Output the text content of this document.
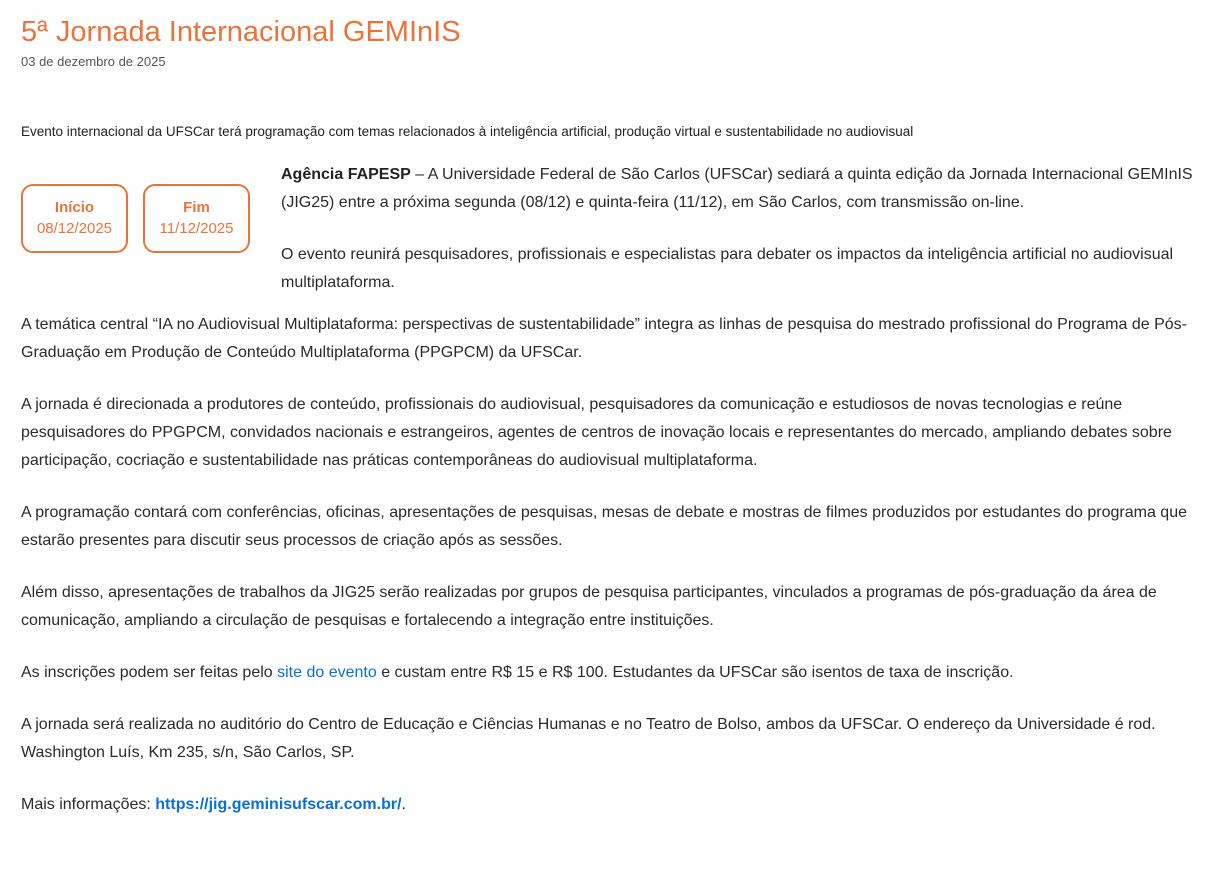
5ª Jornada Internacional GEMInIS
03 de dezembro de 2025
Evento internacional da UFSCar terá programação com temas relacionados à inteligência artificial, produção virtual e sustentabilidade no audiovisual
Início
08/12/2025
Fim
11/12/2025

Agência FAPESP – A Universidade Federal de São Carlos (UFSCar) sediará a quinta edição da Jornada Internacional GEMInIS (JIG25) entre a próxima segunda (08/12) e quinta-feira (11/12), em São Carlos, com transmissão on-line.

O evento reunirá pesquisadores, profissionais e especialistas para debater os impactos da inteligência artificial no audiovisual multiplataforma.

A temática central “IA no Audiovisual Multiplataforma: perspectivas de sustentabilidade” integra as linhas de pesquisa do mestrado profissional do Programa de Pós-Graduação em Produção de Conteúdo Multiplataforma (PPGPCM) da UFSCar.

A jornada é direcionada a produtores de conteúdo, profissionais do audiovisual, pesquisadores da comunicação e estudiosos de novas tecnologias e reúne pesquisadores do PPGPCM, convidados nacionais e estrangeiros, agentes de centros de inovação locais e representantes do mercado, ampliando debates sobre participação, cocriação e sustentabilidade nas práticas contemporâneas do audiovisual multiplataforma.

A programação contará com conferências, oficinas, apresentações de pesquisas, mesas de debate e mostras de filmes produzidos por estudantes do programa que estarão presentes para discutir seus processos de criação após as sessões.

Além disso, apresentações de trabalhos da JIG25 serão realizadas por grupos de pesquisa participantes, vinculados a programas de pós-graduação da área de comunicação, ampliando a circulação de pesquisas e fortalecendo a integração entre instituições.

As inscrições podem ser feitas pelo site do evento e custam entre R$ 15 e R$ 100. Estudantes da UFSCar são isentos de taxa de inscrição.

A jornada será realizada no auditório do Centro de Educação e Ciências Humanas e no Teatro de Bolso, ambos da UFSCar. O endereço da Universidade é rod. Washington Luís, Km 235, s/n, São Carlos, SP.

Mais informações: https://jig.geminisufscar.com.br/.
